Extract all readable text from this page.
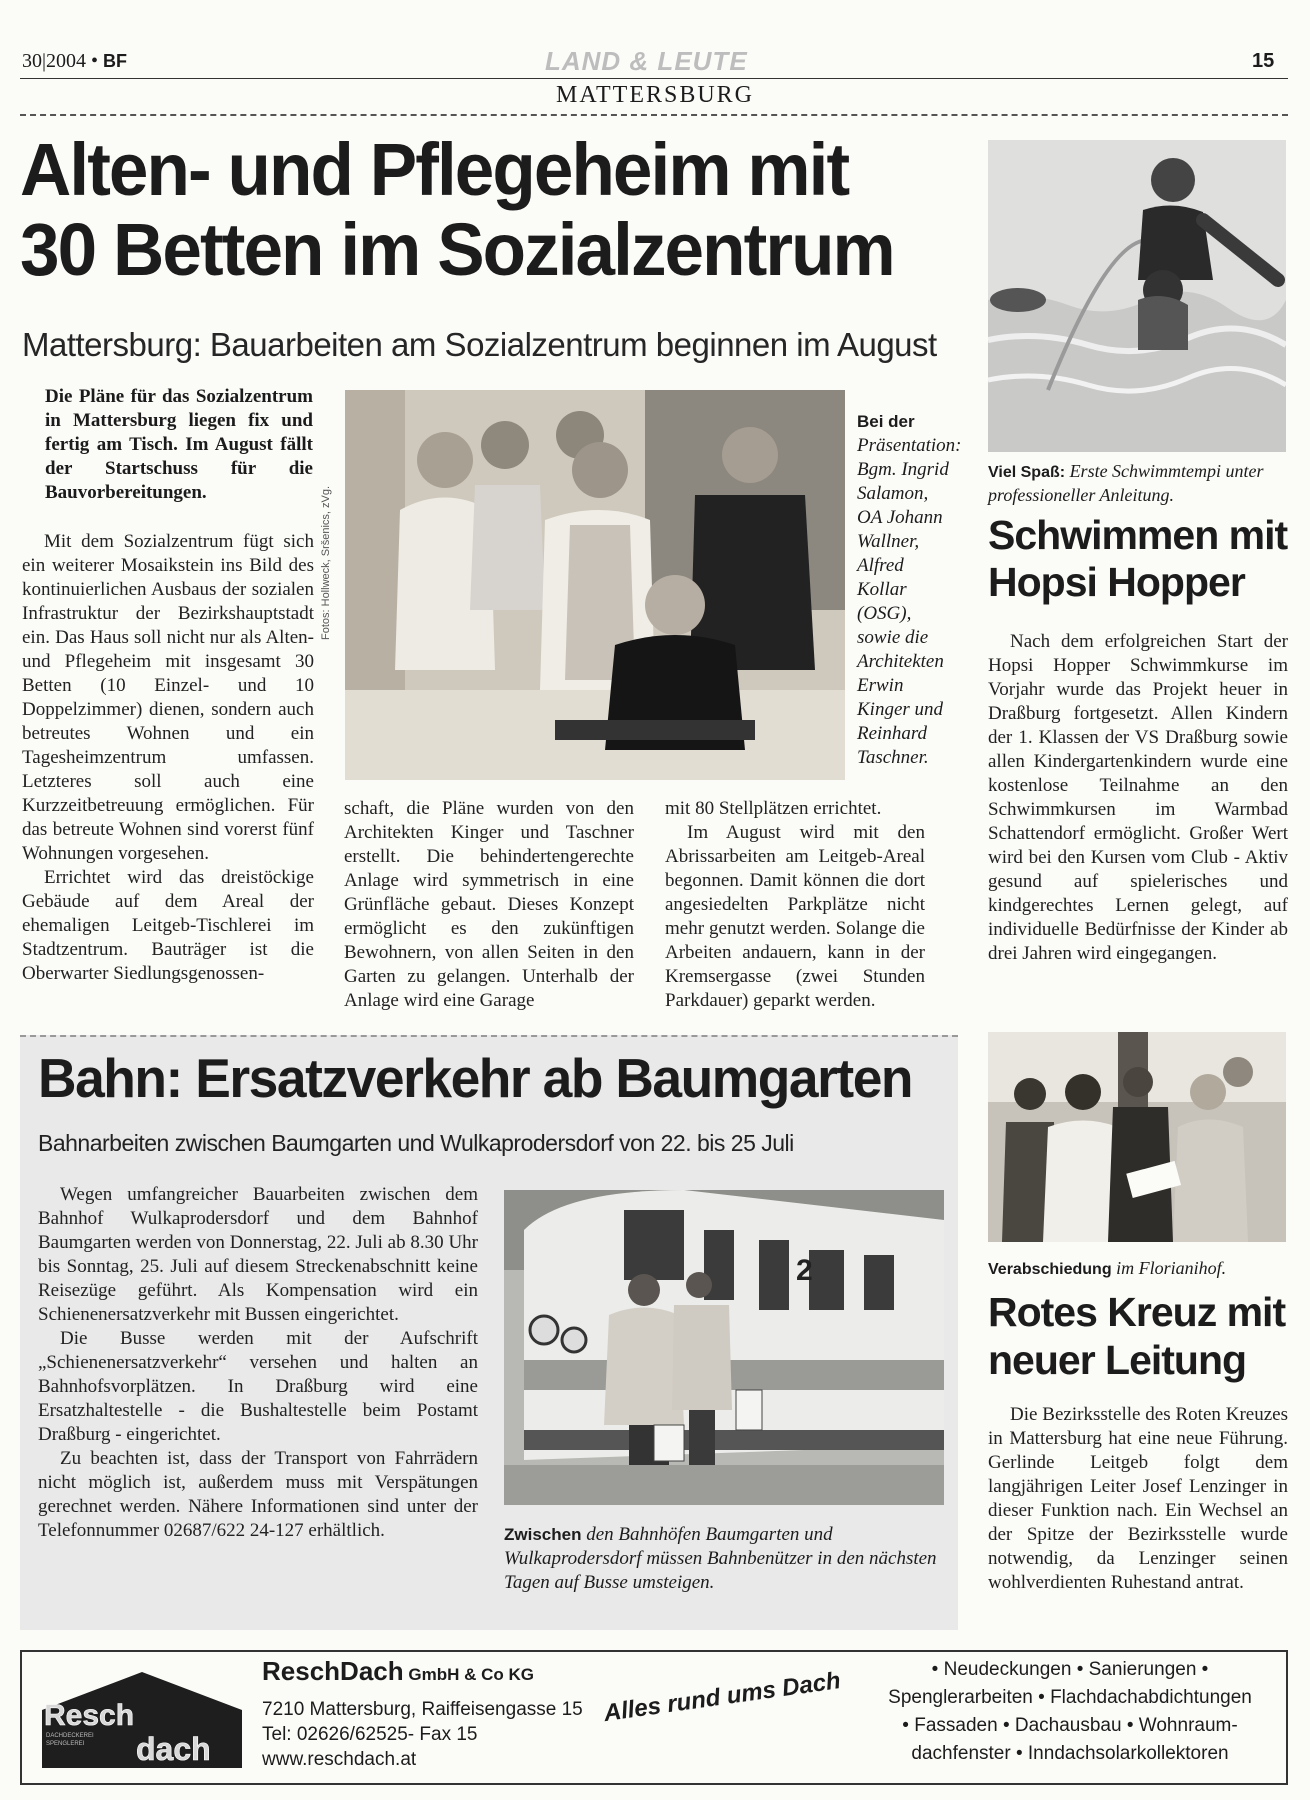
30|2004 • BF	LAND & LEUTE	15
MATTERSBURG
Alten- und Pflegeheim mit
30 Betten im Sozialzentrum
Mattersburg: Bauarbeiten am Sozialzentrum beginnen im August
Die Pläne für das Sozialzentrum in Mattersburg liegen fix und fertig am Tisch. Im August fällt der Startschuss für die Bauvorbereitungen.

Mit dem Sozialzentrum fügt sich ein weiterer Mosaikstein ins Bild des kontinuierlichen Ausbaus der sozialen Infrastruktur der Bezirkshauptstadt ein. Das Haus soll nicht nur als Alten- und Pflegeheim mit insgesamt 30 Betten (10 Einzel- und 10 Doppelzimmer) dienen, sondern auch betreutes Wohnen und ein Tagesheimzentrum umfassen. Letzteres soll auch eine Kurzzeitbetreuung ermöglichen. Für das betreute Wohnen sind vorerst fünf Wohnungen vorgesehen.

Errichtet wird das dreistöckige Gebäude auf dem Areal der ehemaligen Leitgeb-Tischlerei im Stadtzentrum. Bauträger ist die Oberwarter Siedlungsgenossen-

schaft, die Pläne wurden von den Architekten Kinger und Taschner erstellt. Die behindertengerechte Anlage wird symmetrisch in eine Grünfläche gebaut. Dieses Konzept ermöglicht es den zukünftigen Bewohnern, von allen Seiten in den Garten zu gelangen. Unterhalb der Anlage wird eine Garage

mit 80 Stellplätzen errichtet.

Im August wird mit den Abrissarbeiten am Leitgeb-Areal begonnen. Damit können die dort angesiedelten Parkplätze nicht mehr genutzt werden. Solange die Arbeiten andauern, kann in der Kremsergasse (zwei Stunden Parkdauer) geparkt werden.

Fotos: Hollweck, Sršenics, zVg.
Bei der Präsentation: Bgm. Ingrid Salamon, OA Johann Wallner, Alfred Kollar (OSG), sowie die Architekten Erwin Kinger und Reinhard Taschner.
Viel Spaß: Erste Schwimmtempi unter professioneller Anleitung.
Schwimmen mit
Hopsi Hopper

Nach dem erfolgreichen Start der Hopsi Hopper Schwimmkurse im Vorjahr wurde das Projekt heuer in Draßburg fortgesetzt. Allen Kindern der 1. Klassen der VS Draßburg sowie allen Kindergartenkindern wurde eine kostenlose Teilnahme an den Schwimmkursen im Warmbad Schattendorf ermöglicht. Großer Wert wird bei den Kursen vom Club - Aktiv gesund auf spielerisches und kindgerechtes Lernen gelegt, auf individuelle Bedürfnisse der Kinder ab drei Jahren wird eingegangen.

Bahn: Ersatzverkehr ab Baumgarten
Bahnarbeiten zwischen Baumgarten und Wulkaprodersdorf von 22. bis 25 Juli

Wegen umfangreicher Bauarbeiten zwischen dem Bahnhof Wulkaprodersdorf und dem Bahnhof Baumgarten werden von Donnerstag, 22. Juli ab 8.30 Uhr bis Sonntag, 25. Juli auf diesem Streckenabschnitt keine Reisezüge geführt. Als Kompensation wird ein Schienenersatzverkehr mit Bussen eingerichtet.

Die Busse werden mit der Aufschrift „Schienenersatzverkehr“ versehen und halten an Bahnhofsvorplätzen. In Draßburg wird eine Ersatzhaltestelle - die Bushaltestelle beim Postamt Draßburg - eingerichtet.

Zu beachten ist, dass der Transport von Fahrrädern nicht möglich ist, außerdem muss mit Verspätungen gerechnet werden. Nähere Informationen sind unter der Telefonnummer 02687/622 24-127 erhältlich.

2
Zwischen den Bahnhöfen Baumgarten und Wulkaprodersdorf müssen Bahnbenützer in den nächsten Tagen auf Busse umsteigen.
Verabschiedung im Florianihof.
Rotes Kreuz mit
neuer Leitung

Die Bezirksstelle des Roten Kreuzes in Mattersburg hat eine neue Führung. Gerlinde Leitgeb folgt dem langjährigen Leiter Josef Lenzinger in dieser Funktion nach. Ein Wechsel an der Spitze der Bezirksstelle wurde notwendig, da Lenzinger seinen wohlverdienten Ruhestand antrat.

Resch
DACHDECKEREI
SPENGLEREI dach
ReschDach GmbH & Co KG
7210 Mattersburg, Raiffeisengasse 15
Tel: 02626/62525- Fax 15
www.reschdach.at
Alles rund ums Dach	• Neudeckungen • Sanierungen •
Spenglerarbeiten • Flachdachabdichtungen
• Fassaden • Dachausbau • Wohnraum-
dachfenster • Inndachsolarkollektoren
